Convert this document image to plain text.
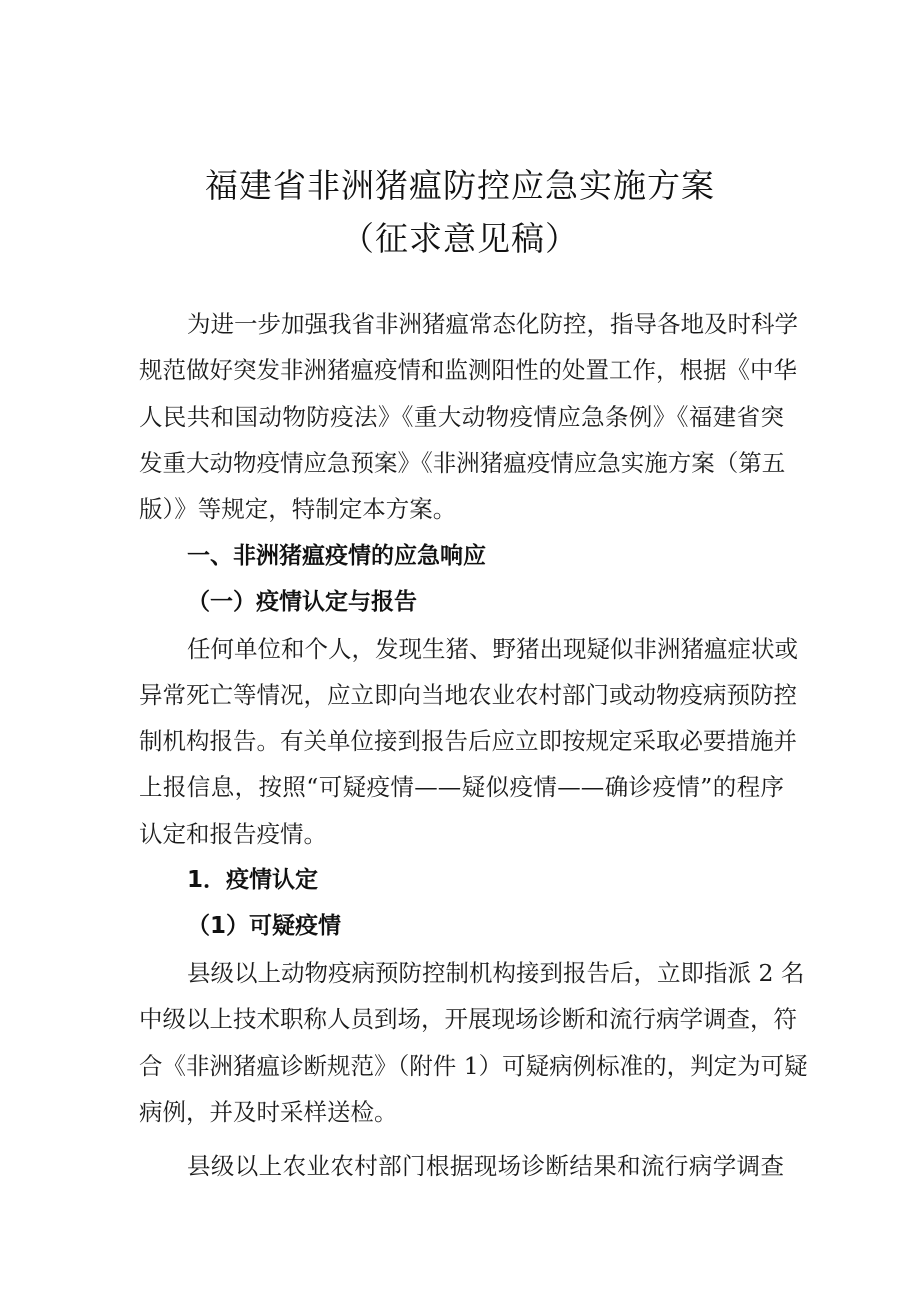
福建省非洲猪瘟防控应急实施方案
（征求意见稿）
为进一步加强我省非洲猪瘟常态化防控，指导各地及时科学
规范做好突发非洲猪瘟疫情和监测阳性的处置工作，根据《中华
人民共和国动物防疫法》《重大动物疫情应急条例》《福建省突
发重大动物疫情应急预案》《非洲猪瘟疫情应急实施方案（第五
版）》等规定，特制定本方案。
一、非洲猪瘟疫情的应急响应
（一）疫情认定与报告
任何单位和个人，发现生猪、野猪出现疑似非洲猪瘟症状或
异常死亡等情况，应立即向当地农业农村部门或动物疫病预防控
制机构报告。有关单位接到报告后应立即按规定采取必要措施并
上报信息，按照“可疑疫情——疑似疫情——确诊疫情”的程序
认定和报告疫情。
1．疫情认定
（1）可疑疫情
县级以上动物疫病预防控制机构接到报告后，立即指派 2 名
中级以上技术职称人员到场，开展现场诊断和流行病学调查，符
合《非洲猪瘟诊断规范》（附件 1）可疑病例标准的，判定为可疑
病例，并及时采样送检。
县级以上农业农村部门根据现场诊断结果和流行病学调查
